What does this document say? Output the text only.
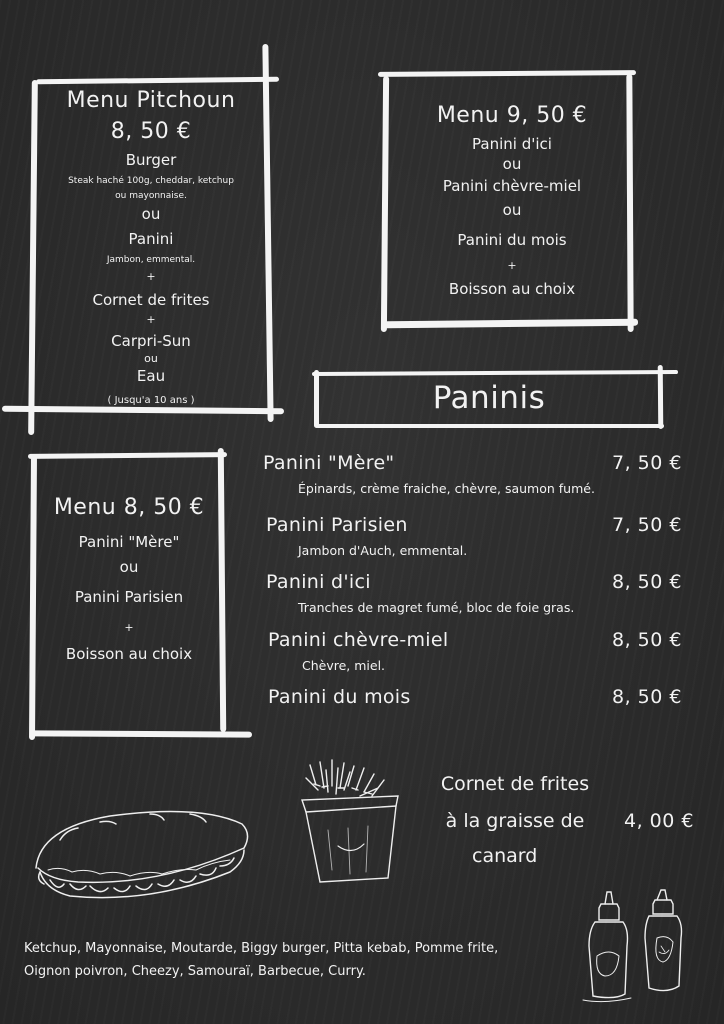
Menu Pitchoun
8, 50 €
Burger
Steak haché 100g, cheddar, ketchup
ou mayonnaise.
ou
Panini
Jambon, emmental.
+
Cornet de frites
+
Carpri-Sun
ou
Eau
( Jusqu'a 10 ans )
Menu 9, 50 €
Panini d'ici
ou
Panini chèvre-miel
ou
Panini du mois
+
Boisson au choix
Paninis
Menu 8, 50 €
Panini "Mère"
ou
Panini Parisien
+
Boisson au choix
Panini "Mère"	7, 50 €
Épinards, crème fraiche, chèvre, saumon fumé.
Panini Parisien	7, 50 €
Jambon d'Auch, emmental.
Panini d'ici	8, 50 €
Tranches de magret fumé, bloc de foie gras.
Panini chèvre-miel	8, 50 €
Chèvre, miel.
Panini du mois	8, 50 €
Cornet de frites
à la graisse de
canard
4, 00 €
Ketchup, Mayonnaise, Moutarde, Biggy burger, Pitta kebab, Pomme frite,
Oignon poivron, Cheezy, Samouraï, Barbecue, Curry.
